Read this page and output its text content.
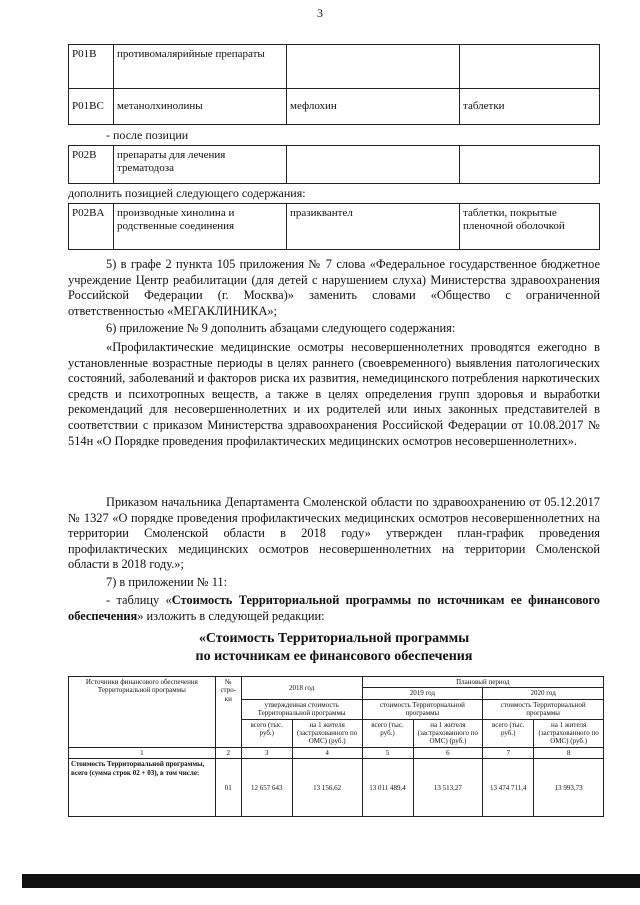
3
P01B	противомалярийные препараты		
P01BC	метанолхинолины	мефлохин	таблетки
- после позиции
P02B	препараты для лечения трематодоза		
дополнить позицией следующего содержания:
P02BA	производные хинолина и родственные соединения	празиквантел	таблетки, покрытые пленочной оболочкой
5) в графе 2 пункта 105 приложения № 7 слова «Федеральное государственное бюджетное учреждение Центр реабилитации (для детей с нарушением слуха) Министерства здравоохранения Российской Федерации (г. Москва)» заменить словами «Общество с ограниченной ответственностью «МЕГАКЛИНИКА»;
6) приложение № 9 дополнить абзацами следующего содержания:
«Профилактические медицинские осмотры несовершеннолетних проводятся ежегодно в установленные возрастные периоды в целях раннего (своевременного) выявления патологических состояний, заболеваний и факторов риска их развития, немедицинского потребления наркотических средств и психотропных веществ, а также в целях определения групп здоровья и выработки рекомендаций для несовершеннолетних и их родителей или иных законных представителей в соответствии с приказом Министерства здравоохранения Российской Федерации от 10.08.2017 № 514н «О Порядке проведения профилактических медицинских осмотров несовершеннолетних».
Приказом начальника Департамента Смоленской области по здравоохранению от 05.12.2017 № 1327 «О порядке проведения профилактических медицинских осмотров несовершеннолетних на территории Смоленской области в 2018 году» утвержден план-график проведения профилактических медицинских осмотров несовершеннолетних на территории Смоленской области в 2018 году.»;
7) в приложении № 11:
- таблицу «Стоимость Территориальной программы по источникам ее финансового обеспечения» изложить в следующей редакции:
«Стоимость Территориальной программы
по источникам ее финансового обеспечения
Источники финансового обеспечения Территориальной программы	№ стро-ки	2018 год		Плановый период			
				2019 год		2020 год	
		утвержденная стоимость Территориальной программы		стоимость Территориальной программы		стоимость Территориальной программы	
		всего (тыс. руб.)	на 1 жителя (застрахованного по ОМС) (руб.)	всего (тыс. руб.)	на 1 жителя (застрахованного по ОМС) (руб.)	всего (тыс. руб.)	на 1 жителя (застрахованного по ОМС) (руб.)
1	2	3	4	5	6	7	8
Стоимость Территориальной программы, всего (сумма строк 02 + 03), в том числе:	01	12 657 643	13 156,62	13 011 489,4	13 513,27	13 474 711,4	13 993,73
